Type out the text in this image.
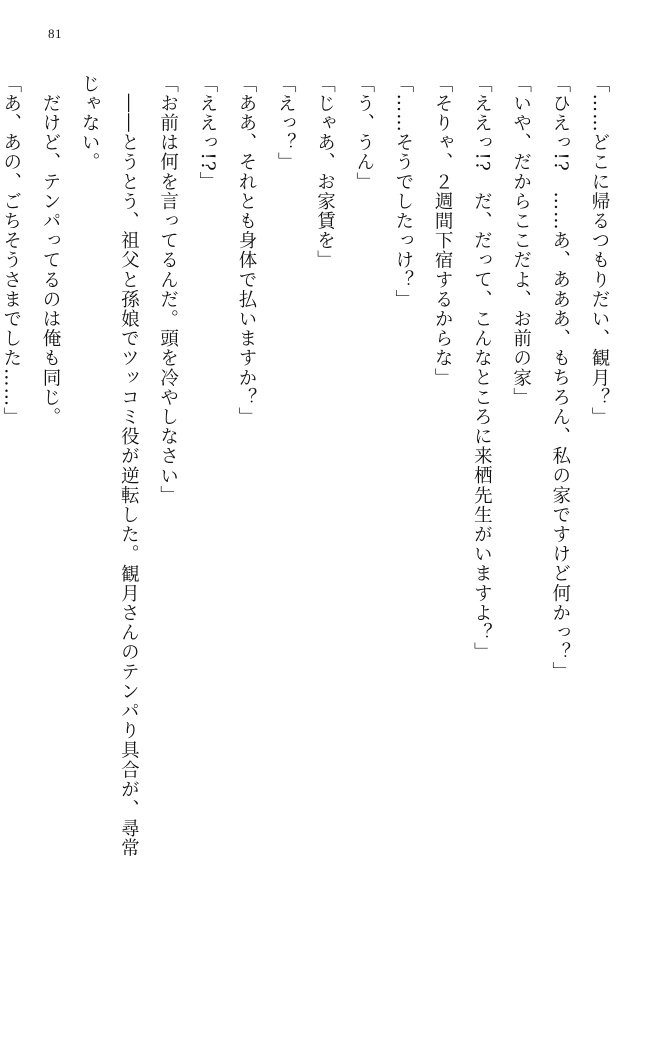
81

「……どこに帰るつもりだい、観月？」

「ひえっ!?　……あ、あああ、もちろん、私の家ですけど何かっ？」

「いや、だからここだよ、お前の家」

「ええっ!?　だ、だって、こんなところに来栖先生がいますよ？」

「そりゃ、２週間下宿するからな」

「……そうでしたっけ？」

「う、うん」

「じゃあ、お家賃を」

「えっ？」

「ああ、それとも身体で払いますか？」

「ええっ!?」

「お前は何を言ってるんだ。頭を冷やしなさい」

　――とうとう、祖父と孫娘でツッコミ役が逆転した。観月さんのテンパり具合が、尋常

じゃない。

　だけど、テンパってるのは俺も同じ。

「あ、あの、ごちそうさまでした……」
